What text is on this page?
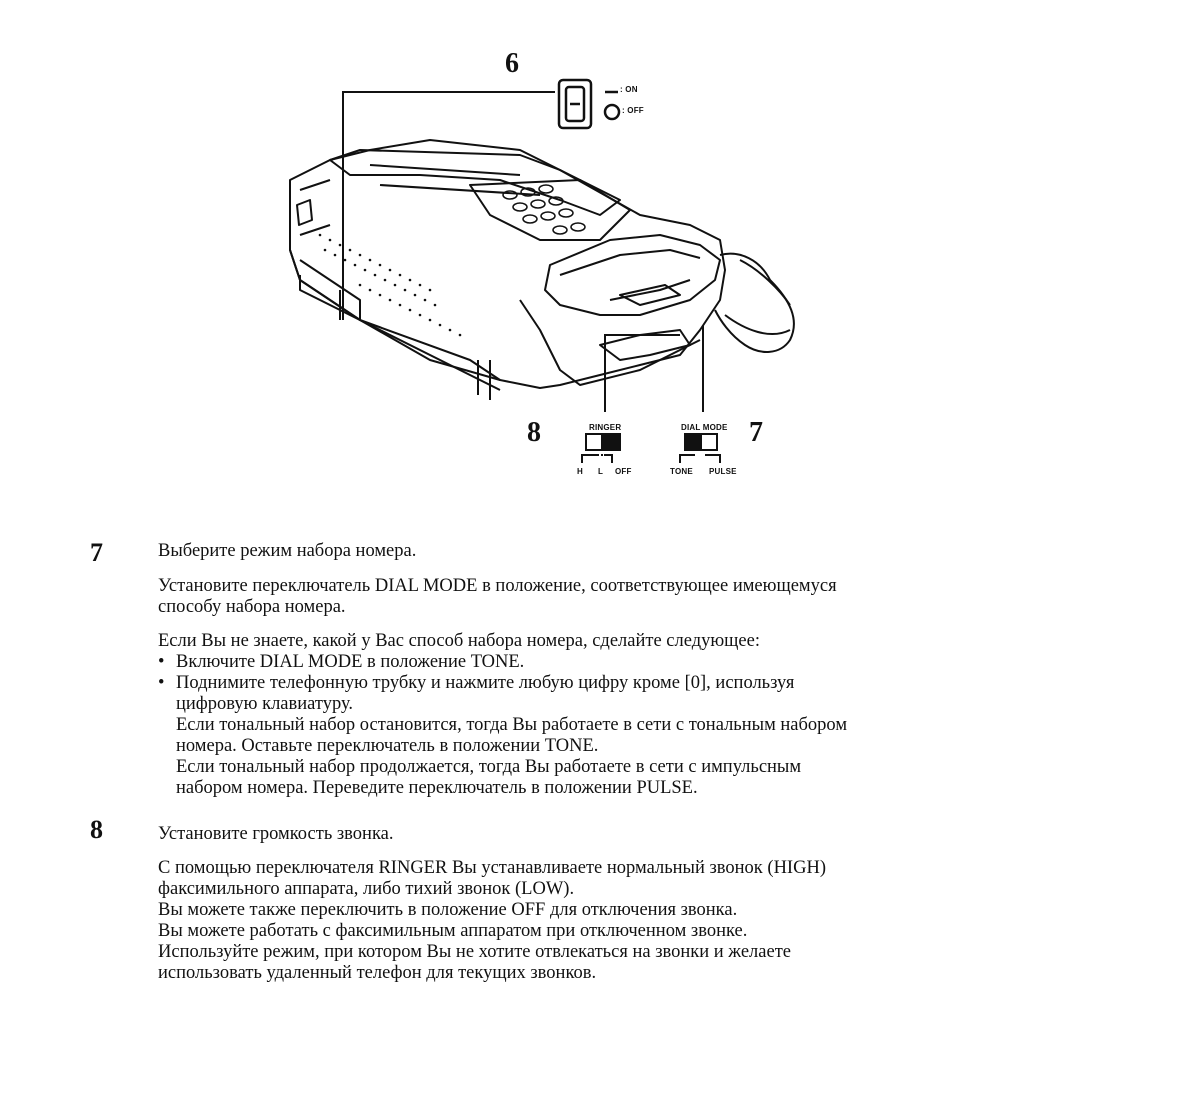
6
: ON
: OFF
8	RINGER
H L OFF
7
DIAL MODE
TONE PULSE
7	Выберите режим набора номера.
Установите переключатель DIAL MODE в положение, соответствующее имеющемуся
способу набора номера.
Если Вы не знаете, какой у Вас способ набора номера, сделайте следующее:
• Включите DIAL MODE в положение TONE.
• Поднимите телефонную трубку и нажмите любую цифру кроме [0], используя
цифровую клавиатуру.
Если тональный набор остановится, тогда Вы работаете в сети с тональным набором
номера. Оставьте переключатель в положении TONE.
Если тональный набор продолжается, тогда Вы работаете в сети с импульсным
набором номера. Переведите переключатель в положении PULSE.
8	Установите громкость звонка.
С помощью переключателя RINGER Вы устанавливаете нормальный звонок (HIGH)
факсимильного аппарата, либо тихий звонок (LOW).
Вы можете также переключить в положение OFF для отключения звонка.
Вы можете работать с факсимильным аппаратом при отключенном звонке.
Используйте режим, при котором Вы не хотите отвлекаться на звонки и желаете
использовать удаленный телефон для текущих звонков.
